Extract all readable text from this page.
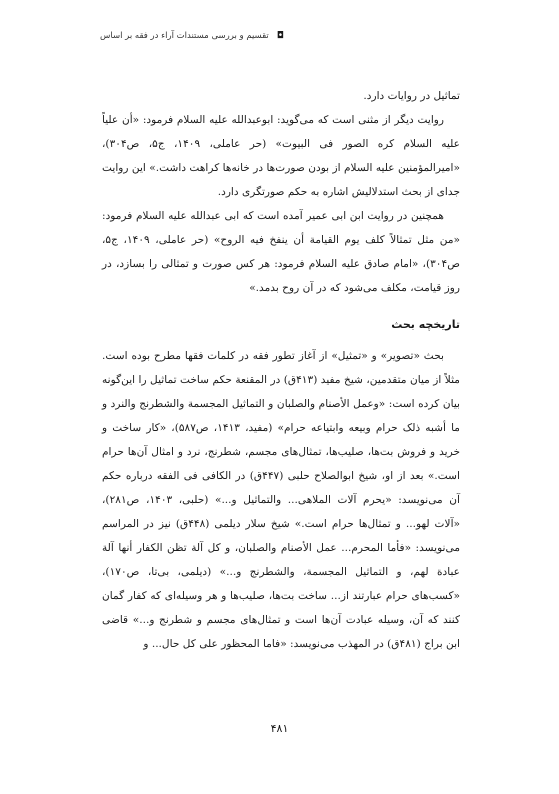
◘
تقسیم و بررسی مستندات آراء در فقه بر اساس

تماثیل در روایات دارد.

روایت دیگر از مثنی است که می‌گوید: ابوعبدالله علیه السلام فرمود: «أن علیاً علیه السلام کره الصور فی البیوت» (حر عاملی، ۱۴۰۹، ج۵، ص۳۰۴)، «امیرالمؤمنین علیه السلام از بودن صورت‌ها در خانه‌ها کراهت داشت.» این روایت جدای از بحث استدلالیش اشاره به حکم صورتگری دارد.

همچنین در روایت ابن ابی عمیر آمده است که ابی عبدالله علیه السلام فرمود: «من مثل تمثالاً کلف یوم القیامة أن ینفخ فیه الروح» (حر عاملی، ۱۴۰۹، ج۵، ص۳۰۴)، «امام صادق علیه السلام فرمود: هر کس صورت و تمثالی را بسازد، در روز قیامت، مکلف می‌شود که در آن روح بدمد.»

تاریخچه بحث

بحث «تصویر» و «تمثیل» از آغاز تطور فقه در کلمات فقها مطرح بوده است. مثلاً از میان متقدمین، شیخ مفید (۴۱۳ق) در المقنعة حکم ساخت تماثیل را این‌گونه بیان کرده است: «وعمل الأصنام والصلبان و التماثیل المجسمة والشطرنج والنرد و ما أشبه ذلک حرام وبیعه وابتیاعه حرام» (مفید، ۱۴۱۳، ص۵۸۷)، «کار ساخت و خرید و فروش بت‌ها، صلیب‌ها، تمثال‌های مجسم، شطرنج، نرد و امثال آن‌ها حرام است.» بعد از او، شیخ ابوالصلاح حلبی (۴۴۷ق) در الکافی فی الفقه درباره حکم آن می‌نویسد: «یحرم آلات الملاهی... والتماثیل و...» (حلبی، ۱۴۰۳، ص۲۸۱)، «آلات لهو... و تمثال‌ها حرام است.» شیخ سلار دیلمی (۴۴۸ق) نیز در المراسم می‌نویسد: «فأما المحرم... عمل الأصنام والصلبان، و کل آلة تظن الکفار أنها آلة عبادة لهم، و التماثیل المجسمة، والشطرنج و...» (دیلمی، بی‌تا، ص۱۷۰)، «کسب‌های حرام عبارتند از... ساخت بت‌ها، صلیب‌ها و هر وسیله‌ای که کفار گمان کنند که آن، وسیله عبادت آن‌ها است و تمثال‌های مجسم و شطرنج و...» قاضی ابن براج (۴۸۱ق) در المهذب می‌نویسد: «فاما المحظور علی کل حال... و

۴۸۱
